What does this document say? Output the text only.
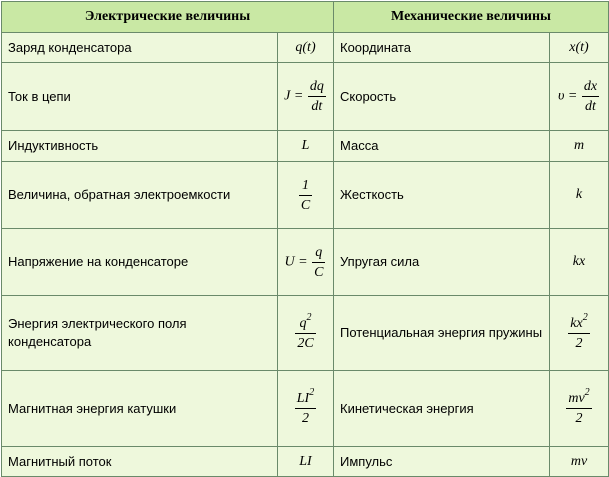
Электрические величины		Механические величины	
Заряд конденсатора	q(t)	Координата	x(t)
Ток в цепи	$J = \frac{dq}{dt}$	Скорость	$\upsilon = \frac{dx}{dt}$

Индуктивность	L	Масса	m
Величина, обратная электроемкости	$\frac{1}{C}$	Жесткость	k
Напряжение на конденсаторе	$U = \frac{q}{C}$	Упругая сила	kx
Энергия электрического поля конденсатора	$\frac{q^2}{2C}$	Потенциальная энергия пружины	$\frac{kx^2}{2}$

Магнитная энергия катушки	$\frac{LI^2}{2}$	Кинетическая энергия	$\frac{mv^2}{2}$

Магнитный поток	LI	Импульс	mv
